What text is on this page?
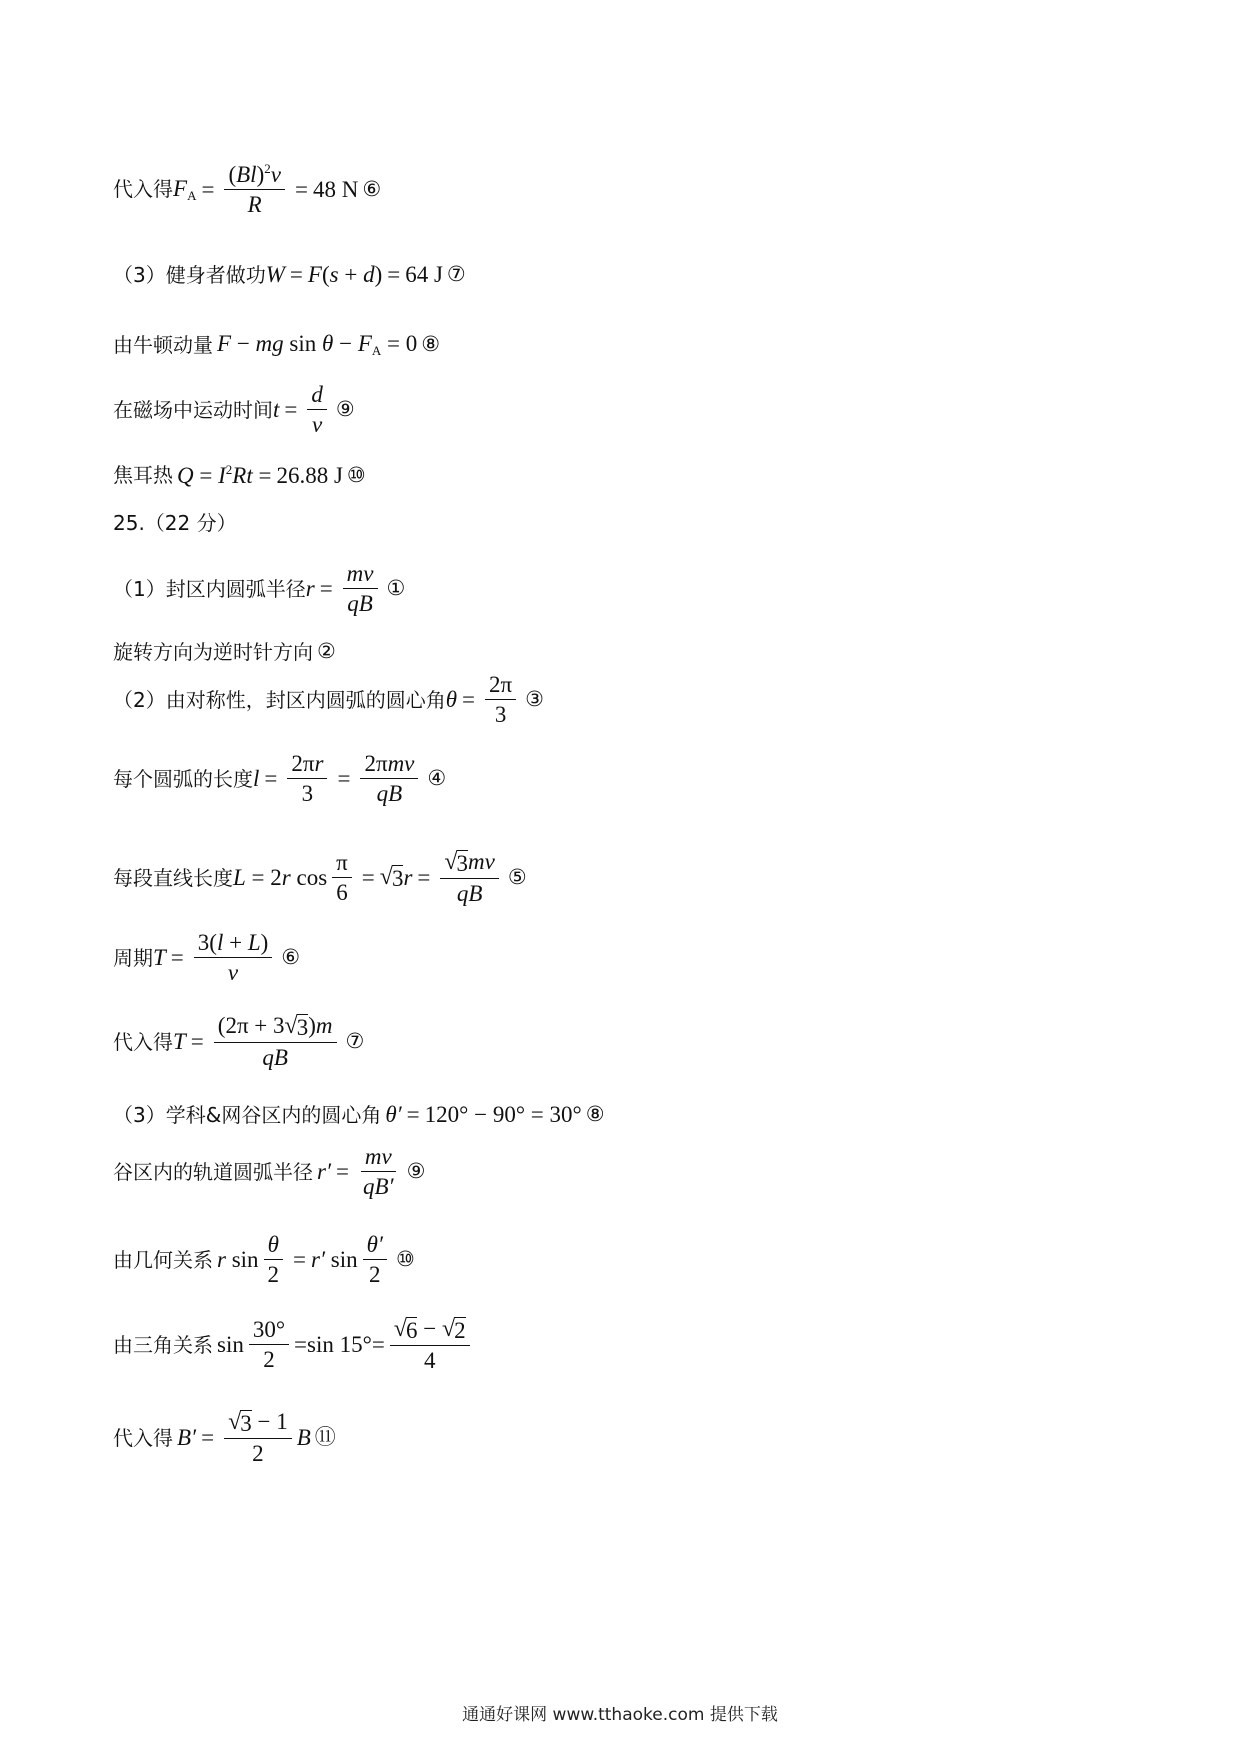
代入得 $F_A = \frac{(Bl)^2v}{R} = 48$ N ⑥
（3）健身者做功 W = F(s + d) = 64 J ⑦
由牛顿动量 F − mg $\sin \theta - F_A = 0$ ⑧
在磁场中运动时间 $t = \frac{d}{v}$ ⑨
焦耳热 $Q = I^2Rt = 26.88$ J ⑩
25.（22 分）
（1）封区内圆弧半径 $r = \frac{mv}{qB}$ ①
旋转方向为逆时针方向 ②
（2）由对称性，封区内圆弧的圆心角 $\theta = \frac{2\pi}{3}$ ③
每个圆弧的长度 $l = \frac{2\pi r}{3} = \frac{\text{2πmv}}{qB}$ ④
每段直线长度 L = 2r $\cos \frac{\pi}{6}$ = √ 3 $r = \frac{√ 3 mv}{qB}$ ⑤
周期 $T = \frac{3(l + L)}{v}$ ⑥
代入得 $T = \frac{(2\pi + 3 √ 3 )m}{qB}$ ⑦
（3）学科&网谷区内的圆心角 θ′ = 120° − 90° = 30° ⑧
谷区内的轨道圆弧半径 $r' = \frac{mv}{qB'}$ ⑨
由几何关系 r $\sin \frac{\theta}{2} = r'$ $\sin \frac{\theta'}{2}$ ⑩
由三角关系 $\sin \frac{30^\circ}{2} = \sin 15^\circ= \frac{√ 6 - √ 2}{4}$
代入得 $B' = \frac{√ 3 - 1}{2}$ B ⑪
通通好课网 www.tthaoke.com 提供下载
